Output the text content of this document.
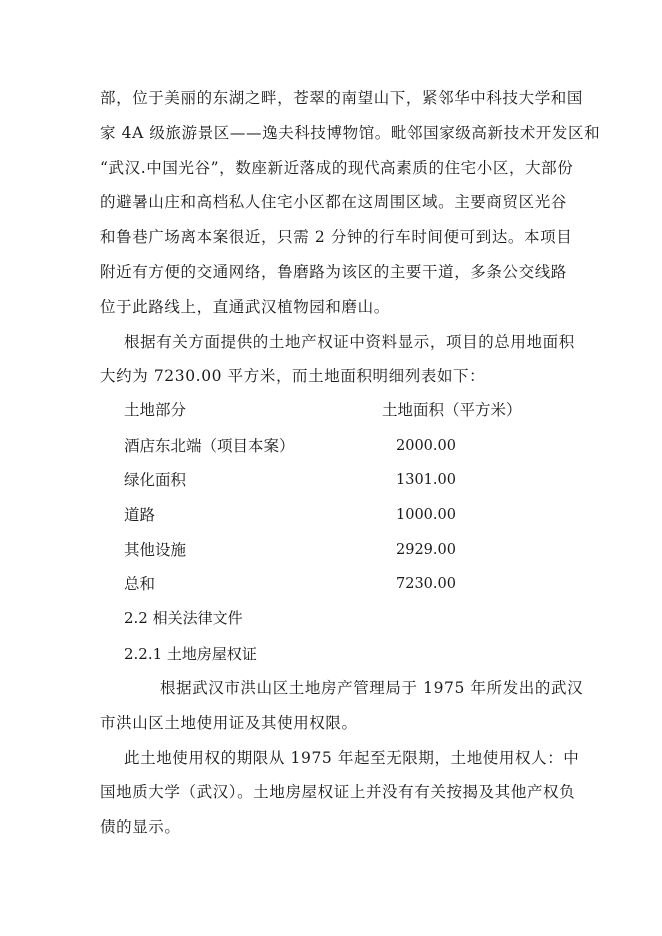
部，位于美丽的东湖之畔，苍翠的南望山下，紧邻华中科技大学和国
家 4A 级旅游景区——逸夫科技博物馆。毗邻国家级高新技术开发区和
“武汉.中国光谷”，数座新近落成的现代高素质的住宅小区，大部份
的避暑山庄和高档私人住宅小区都在这周围区域。主要商贸区光谷
和鲁巷广场离本案很近，只需 2 分钟的行车时间便可到达。本项目
附近有方便的交通网络，鲁磨路为该区的主要干道，多条公交线路
位于此路线上，直通武汉植物园和磨山。
根据有关方面提供的土地产权证中资料显示，项目的总用地面积
大约为 7230.00 平方米，而土地面积明细列表如下：
土地部分	土地面积（平方米）
酒店东北端（项目本案）	2000.00
绿化面积	1301.00
道路	1000.00
其他设施	2929.00
总和	7230.00
2.2 相关法律文件
2.2.1 土地房屋权证
根据武汉市洪山区土地房产管理局于 1975 年所发出的武汉
市洪山区土地使用证及其使用权限。
此土地使用权的期限从 1975 年起至无限期，土地使用权人：中
国地质大学（武汉）。土地房屋权证上并没有有关按揭及其他产权负
债的显示。
